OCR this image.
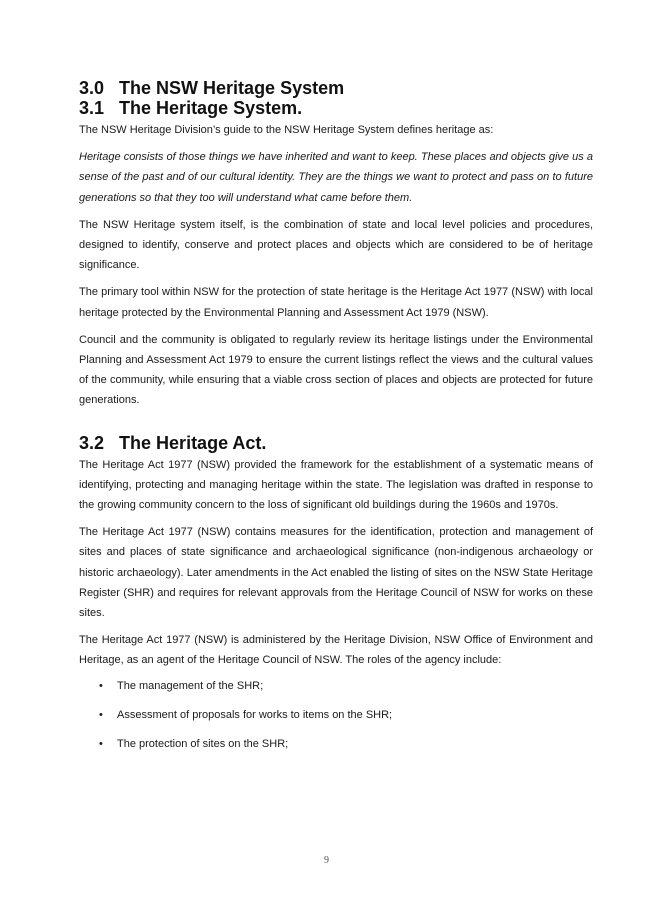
3.0 The NSW Heritage System
3.1 The Heritage System.

The NSW Heritage Division’s guide to the NSW Heritage System defines heritage as:

Heritage consists of those things we have inherited and want to keep. These places and objects give us a sense of the past and of our cultural identity. They are the things we want to protect and pass on to future generations so that they too will understand what came before them.

The NSW Heritage system itself, is the combination of state and local level policies and procedures, designed to identify, conserve and protect places and objects which are considered to be of heritage significance.

The primary tool within NSW for the protection of state heritage is the Heritage Act 1977 (NSW) with local heritage protected by the Environmental Planning and Assessment Act 1979 (NSW).

Council and the community is obligated to regularly review its heritage listings under the Environmental Planning and Assessment Act 1979 to ensure the current listings reflect the views and the cultural values of the community, while ensuring that a viable cross section of places and objects are protected for future generations.

3.2 The Heritage Act.

The Heritage Act 1977 (NSW) provided the framework for the establishment of a systematic means of identifying, protecting and managing heritage within the state. The legislation was drafted in response to the growing community concern to the loss of significant old buildings during the 1960s and 1970s.

The Heritage Act 1977 (NSW) contains measures for the identification, protection and management of sites and places of state significance and archaeological significance (non-indigenous archaeology or historic archaeology). Later amendments in the Act enabled the listing of sites on the NSW State Heritage Register (SHR) and requires for relevant approvals from the Heritage Council of NSW for works on these sites.

The Heritage Act 1977 (NSW) is administered by the Heritage Division, NSW Office of Environment and Heritage, as an agent of the Heritage Council of NSW. The roles of the agency include:

• The management of the SHR;
• Assessment of proposals for works to items on the SHR;
• The protection of sites on the SHR;
9
